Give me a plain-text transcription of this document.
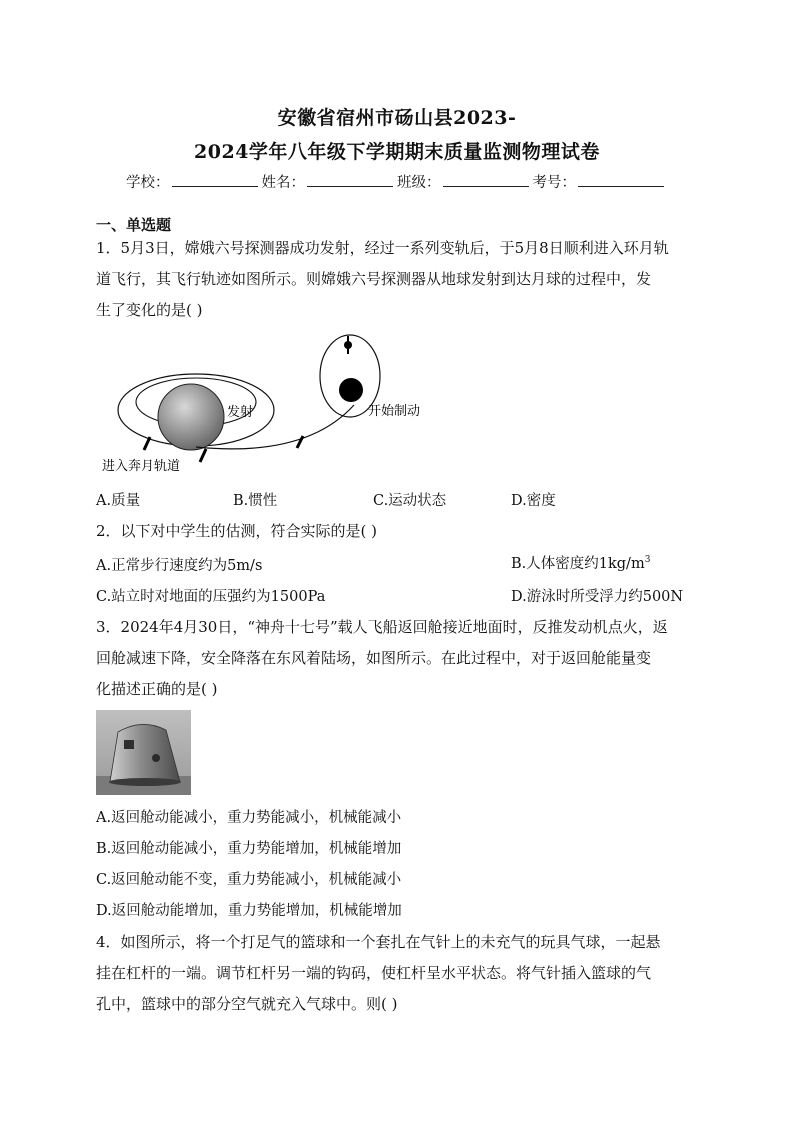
安徽省宿州市砀山县2023-
2024学年八年级下学期期末质量监测物理试卷
学校：	姓名：	班级：	考号：
一、单选题
1．5月3日，嫦娥六号探测器成功发射，经过一系列变轨后，于5月8日顺利进入环月轨
道飞行，其飞行轨迹如图所示。则嫦娥六号探测器从地球发射到达月球的过程中，发
生了变化的是( )
发射	开始制动
进入奔月轨道
A.质量	B.惯性	C.运动状态	D.密度
2．以下对中学生的估测，符合实际的是( )
A.正常步行速度约为5m/s	B.人体密度约$1kg/m^3$
C.站立时对地面的压强约为1500Pa	D.游泳时所受浮力约500N
3．2024年4月30日，“神舟十七号”载人飞船返回舱接近地面时，反推发动机点火，返
回舱减速下降，安全降落在东风着陆场，如图所示。在此过程中，对于返回舱能量变
化描述正确的是( )
A.返回舱动能减小，重力势能减小，机械能减小
B.返回舱动能减小，重力势能增加，机械能增加
C.返回舱动能不变，重力势能减小，机械能减小
D.返回舱动能增加，重力势能增加，机械能增加
4．如图所示，将一个打足气的篮球和一个套扎在气针上的未充气的玩具气球，一起悬
挂在杠杆的一端。调节杠杆另一端的钩码，使杠杆呈水平状态。将气针插入篮球的气
孔中，篮球中的部分空气就充入气球中。则( )
